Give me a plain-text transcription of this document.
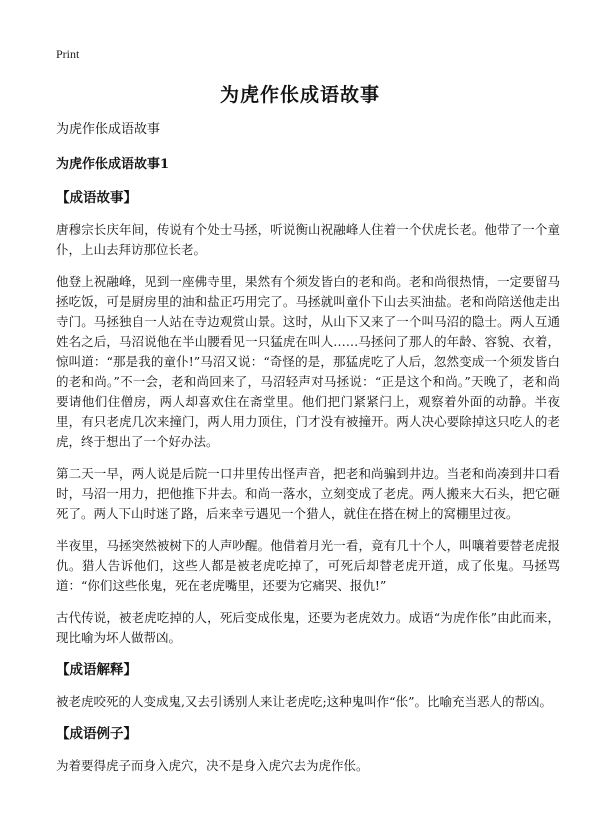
Print
为虎作伥成语故事
为虎作伥成语故事
为虎作伥成语故事1
【成语故事】

唐穆宗长庆年间，传说有个处士马拯，听说衡山祝融峰人住着一个伏虎长老。他带了一个童仆，上山去拜访那位长老。

他登上祝融峰，见到一座佛寺里，果然有个须发皆白的老和尚。老和尚很热情，一定要留马拯吃饭，可是厨房里的油和盐正巧用完了。马拯就叫童仆下山去买油盐。老和尚陪送他走出寺门。马拯独自一人站在寺边观赏山景。这时，从山下又来了一个叫马沼的隐士。两人互通姓名之后，马沼说他在半山腰看见一只猛虎在叫人……马拯问了那人的年龄、容貌、衣着，惊叫道：“那是我的童仆!”马沼又说：“奇怪的是，那猛虎吃了人后，忽然变成一个须发皆白的老和尚。”不一会，老和尚回来了，马沼轻声对马拯说：“正是这个和尚。”天晚了，老和尚要请他们住僧房，两人却喜欢住在斋堂里。他们把门紧紧闩上，观察着外面的动静。半夜里，有只老虎几次来撞门，两人用力顶住，门才没有被撞开。两人决心要除掉这只吃人的老虎，终于想出了一个好办法。

第二天一早，两人说是后院一口井里传出怪声音，把老和尚骗到井边。当老和尚凑到井口看时，马沼一用力，把他推下井去。和尚一落水，立刻变成了老虎。两人搬来大石头，把它砸死了。两人下山时迷了路，后来幸亏遇见一个猎人，就住在搭在树上的窝棚里过夜。

半夜里，马拯突然被树下的人声吵醒。他借着月光一看，竟有几十个人，叫嚷着要替老虎报仇。猎人告诉他们，这些人都是被老虎吃掉了，可死后却替老虎开道，成了伥鬼。马拯骂道：“你们这些伥鬼，死在老虎嘴里，还要为它痛哭、报仇!”

古代传说，被老虎吃掉的人，死后变成伥鬼，还要为老虎效力。成语“为虎作伥”由此而来，现比喻为坏人做帮凶。

【成语解释】

被老虎咬死的人变成鬼,又去引诱别人来让老虎吃;这种鬼叫作“伥”。比喻充当恶人的帮凶。

【成语例子】

为着要得虎子而身入虎穴，决不是身入虎穴去为虎作伥。
